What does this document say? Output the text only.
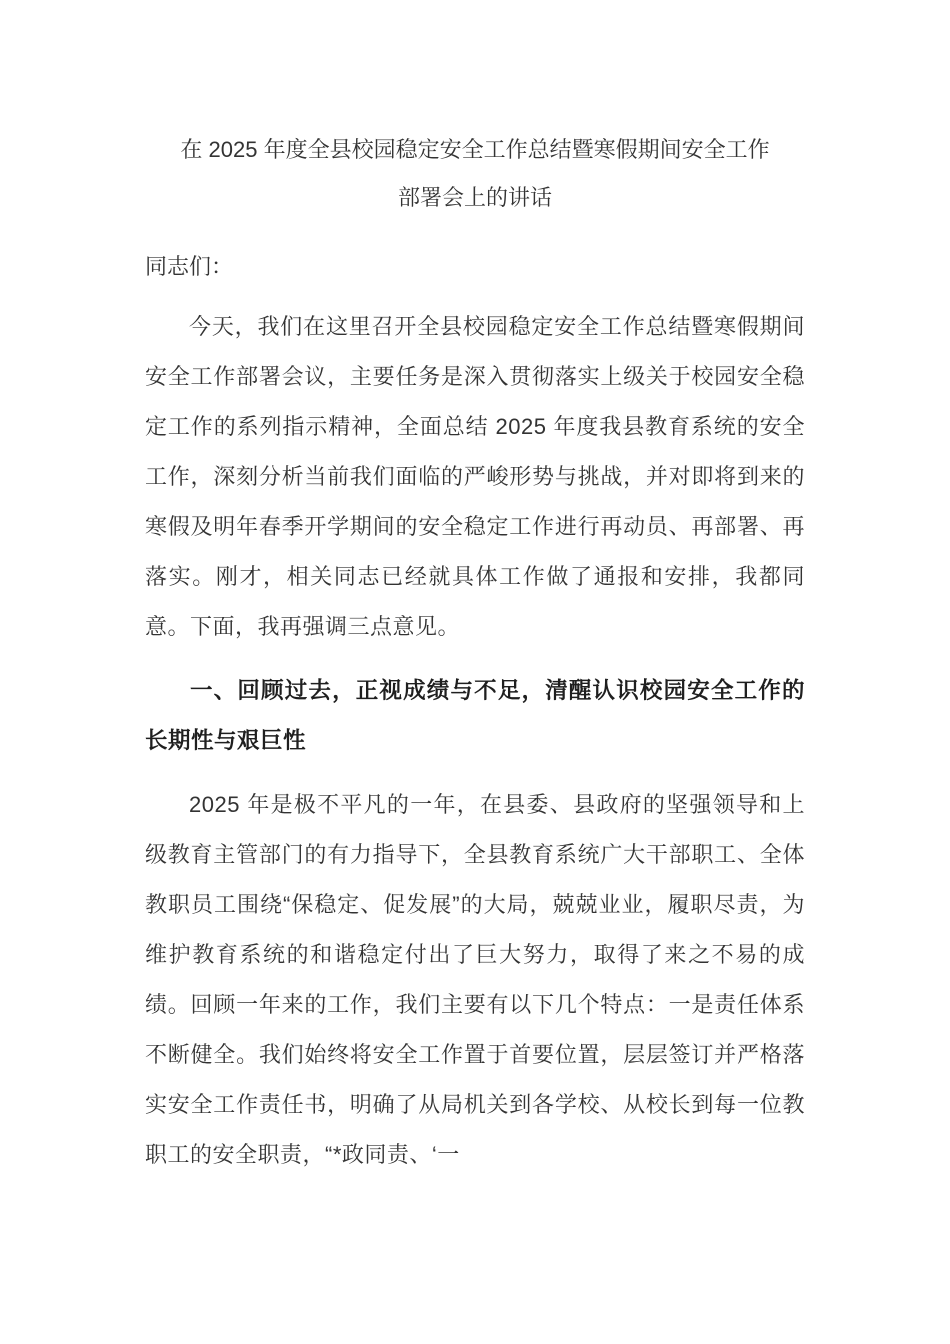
在 2025 年度全县校园稳定安全工作总结暨寒假期间安全工作
部署会上的讲话

同志们：

今天，我们在这里召开全县校园稳定安全工作总结暨寒假期间安全工作部署会议，主要任务是深入贯彻落实上级关于校园安全稳定工作的系列指示精神，全面总结 2025 年度我县教育系统的安全工作，深刻分析当前我们面临的严峻形势与挑战，并对即将到来的寒假及明年春季开学期间的安全稳定工作进行再动员、再部署、再落实。刚才，相关同志已经就具体工作做了通报和安排，我都同意。下面，我再强调三点意见。

一、回顾过去，正视成绩与不足，清醒认识校园安全工作的长期性与艰巨性

2025 年是极不平凡的一年，在县委、县政府的坚强领导和上级教育主管部门的有力指导下，全县教育系统广大干部职工、全体教职员工围绕“保稳定、促发展”的大局，兢兢业业，履职尽责，为维护教育系统的和谐稳定付出了巨大努力，取得了来之不易的成绩。回顾一年来的工作，我们主要有以下几个特点：一是责任体系不断健全。我们始终将安全工作置于首要位置，层层签订并严格落实安全工作责任书，明确了从局机关到各学校、从校长到每一位教职工的安全职责，“*政同责、‘一
